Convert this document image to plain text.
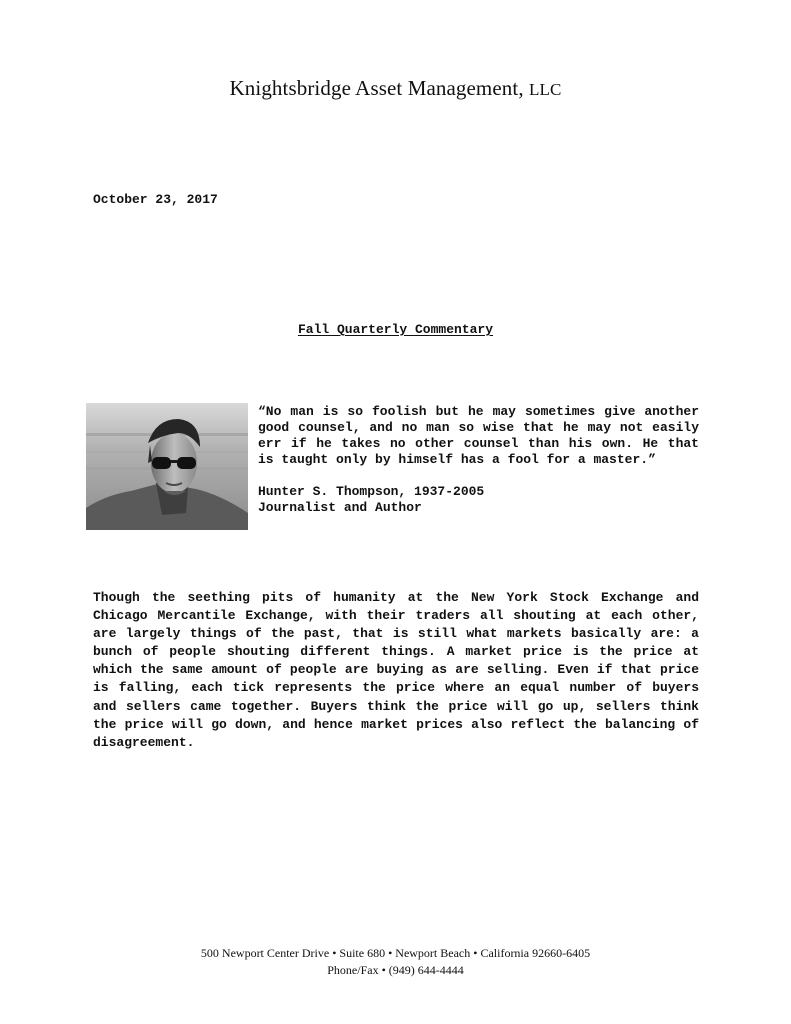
Knightsbridge Asset Management, LLC
October 23, 2017
Fall Quarterly Commentary

“No man is so foolish but he may sometimes give another good counsel, and no man so wise that he may not easily err if he takes no other counsel than his own. He that is taught only by himself has a fool for a master.”

Hunter S. Thompson, 1937-2005
Journalist and Author

Though the seething pits of humanity at the New York Stock Exchange and Chicago Mercantile Exchange, with their traders all shouting at each other, are largely things of the past, that is still what markets basically are: a bunch of people shouting different things. A market price is the price at which the same amount of people are buying as are selling. Even if that price is falling, each tick represents the price where an equal number of buyers and sellers came together. Buyers think the price will go up, sellers think the price will go down, and hence market prices also reflect the balancing of disagreement.

500 Newport Center Drive • Suite 680 • Newport Beach • California 92660-6405
Phone/Fax • (949) 644-4444
